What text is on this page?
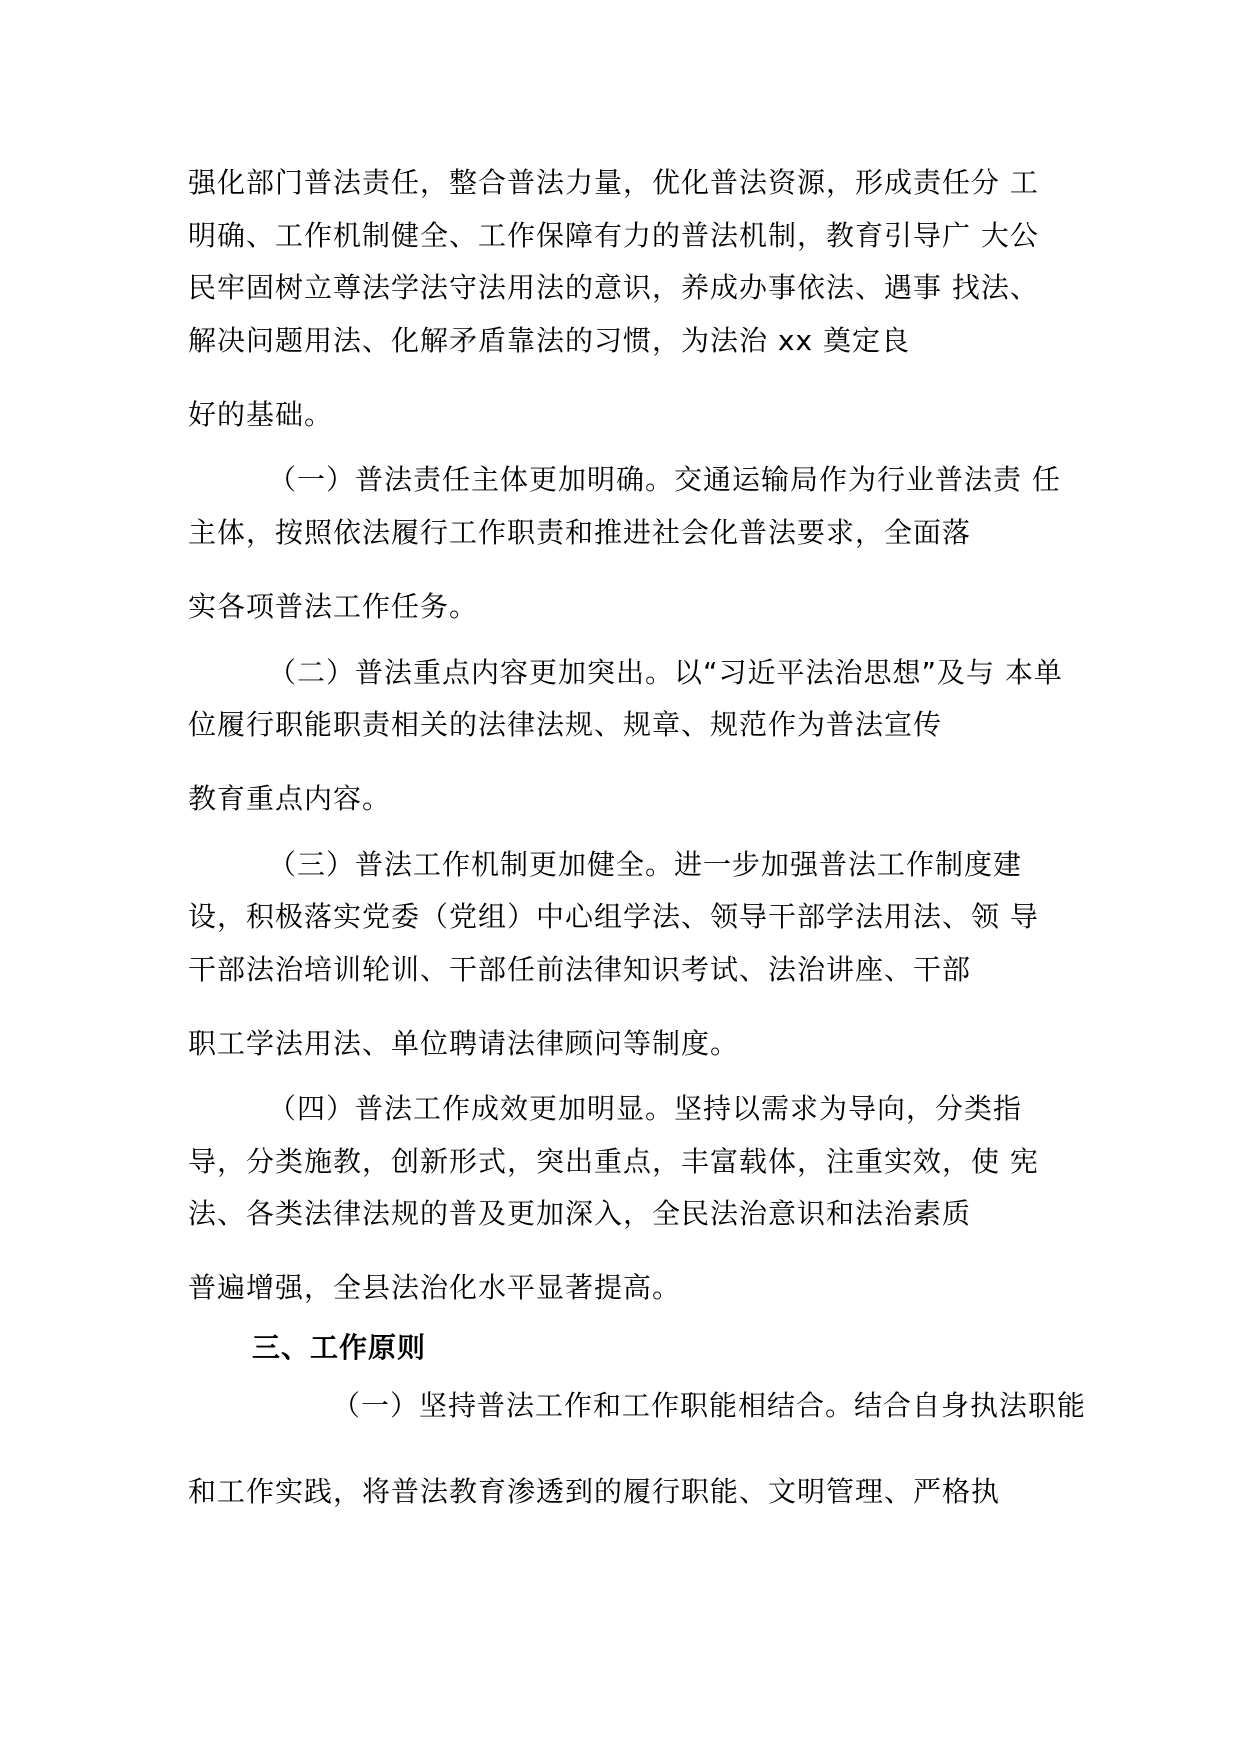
强化部门普法责任，整合普法力量，优化普法资源，形成责任分 工
明确、工作机制健全、工作保障有力的普法机制，教育引导广 大公
民牢固树立尊法学法守法用法的意识，养成办事依法、遇事 找法、
解决问题用法、化解矛盾靠法的习惯，为法治 xx 奠定良
好的基础。
（一）普法责任主体更加明确。交通运输局作为行业普法责 任
主体，按照依法履行工作职责和推进社会化普法要求，全面落
实各项普法工作任务。
（二）普法重点内容更加突出。以“习近平法治思想”及与 本单
位履行职能职责相关的法律法规、规章、规范作为普法宣传
教育重点内容。
（三）普法工作机制更加健全。进一步加强普法工作制度建
设，积极落实党委（党组）中心组学法、领导干部学法用法、领 导
干部法治培训轮训、干部任前法律知识考试、法治讲座、干部
职工学法用法、单位聘请法律顾问等制度。
（四）普法工作成效更加明显。坚持以需求为导向，分类指
导，分类施教，创新形式，突出重点，丰富载体，注重实效，使 宪
法、各类法律法规的普及更加深入，全民法治意识和法治素质
普遍增强，全县法治化水平显著提高。
三、工作原则
（一）坚持普法工作和工作职能相结合。结合自身执法职能
和工作实践，将普法教育渗透到的履行职能、文明管理、严格执
